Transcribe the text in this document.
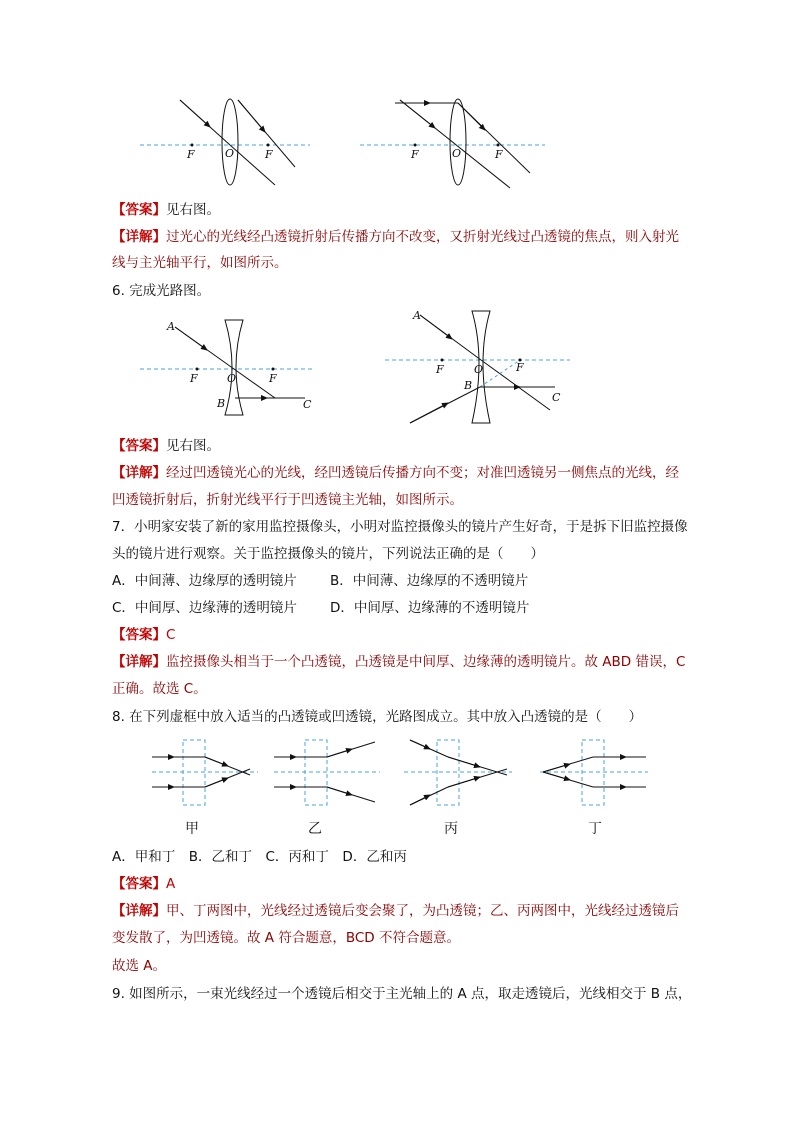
F	O	F	F	O	F
【答案】见右图。
【详解】过光心的光线经凸透镜折射后传播方向不改变，又折射光线过凸透镜的焦点，则入射光
线与主光轴平行，如图所示。
6. 完成光路图。
A
F	O	F
B	C
A
F	O	F
B
C
【答案】见右图。
【详解】经过凹透镜光心的光线，经凹透镜后传播方向不变；对准凹透镜另一侧焦点的光线，经
凹透镜折射后，折射光线平行于凹透镜主光轴，如图所示。
7．小明家安装了新的家用监控摄像头，小明对监控摄像头的镜片产生好奇，于是拆下旧监控摄像
头的镜片进行观察。关于监控摄像头的镜片，下列说法正确的是（　　）
A．中间薄、边缘厚的透明镜片 B．中间薄、边缘厚的不透明镜片
C．中间厚、边缘薄的透明镜片 D．中间厚、边缘薄的不透明镜片
【答案】C
【详解】监控摄像头相当于一个凸透镜，凸透镜是中间厚、边缘薄的透明镜片。故 ABD 错误，C
正确。故选 C。
8. 在下列虚框中放入适当的凸透镜或凹透镜，光路图成立。其中放入凸透镜的是（　　）
甲	乙	丙	丁
A．甲和丁　B．乙和丁　C．丙和丁　D．乙和丙
【答案】A
【详解】甲、丁两图中，光线经过透镜后变会聚了，为凸透镜；乙、丙两图中，光线经过透镜后
变发散了，为凹透镜。故 A 符合题意，BCD 不符合题意。
故选 A。
9. 如图所示，一束光线经过一个透镜后相交于主光轴上的 A 点，取走透镜后，光线相交于 B 点，
